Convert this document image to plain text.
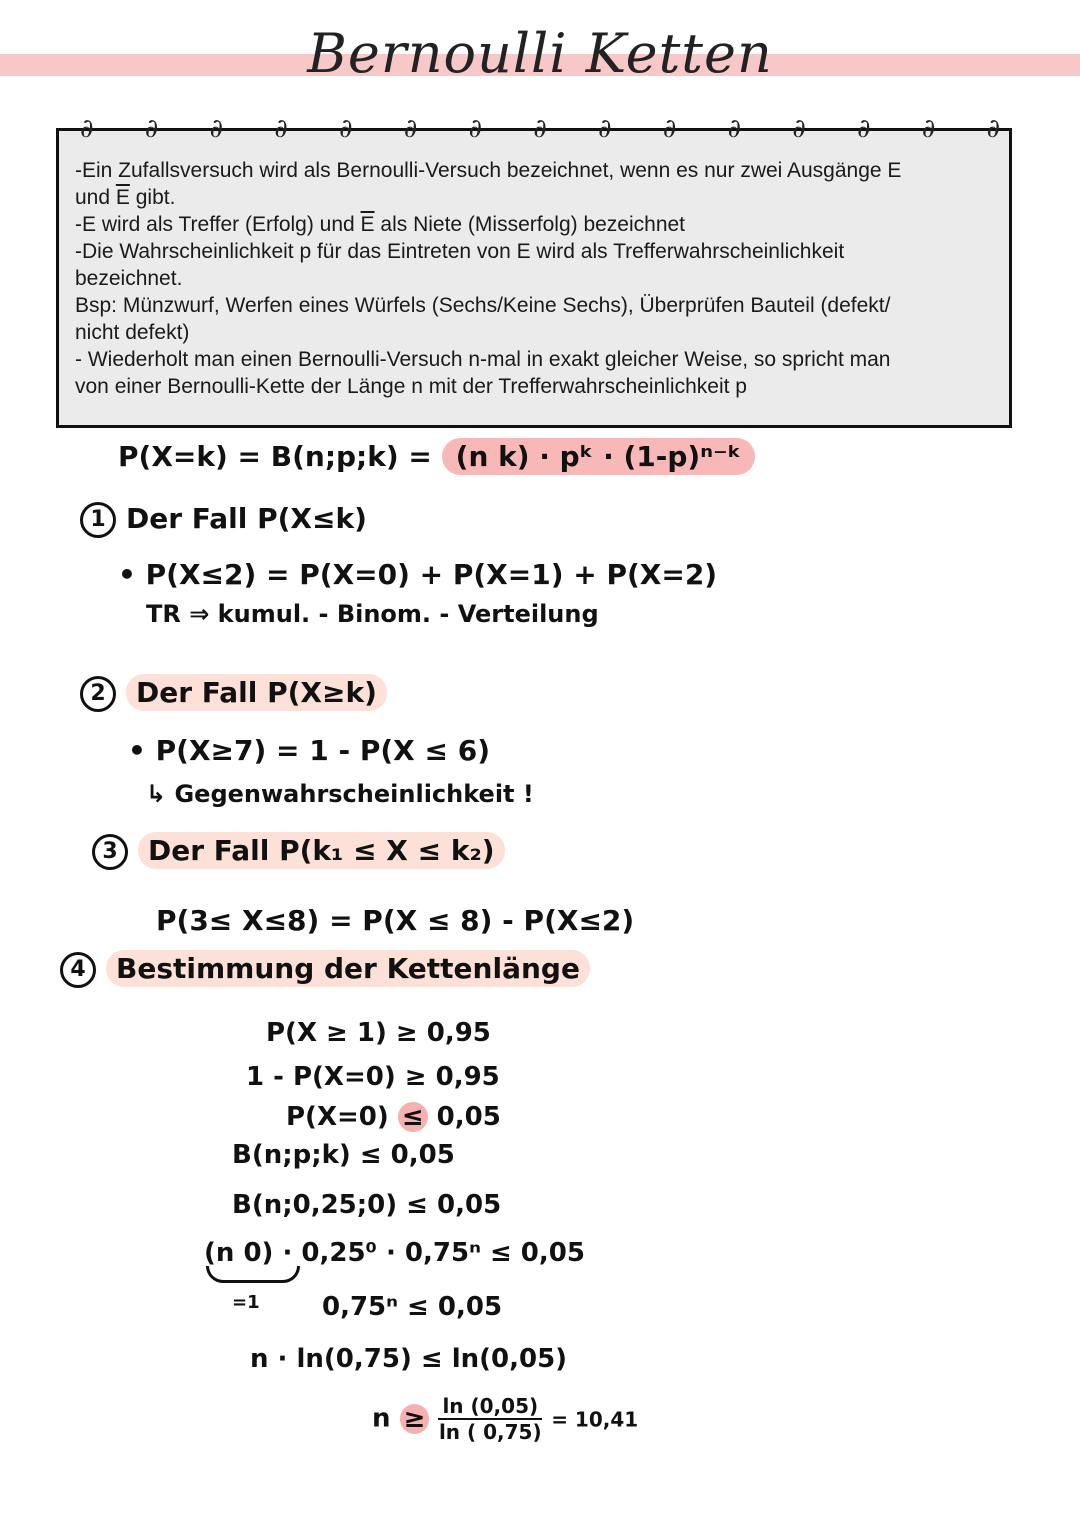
Bernoulli Ketten

-Ein Zufallsversuch wird als Bernoulli-Versuch bezeichnet, wenn es nur zwei Ausgänge E

und $\overline{E}$ gibt.

-E wird als Treffer (Erfolg) und $\overline{E}$ als Niete (Misserfolg) bezeichnet

-Die Wahrscheinlichkeit p für das Eintreten von E wird als Trefferwahrscheinlichkeit

bezeichnet.

Bsp: Münzwurf, Werfen eines Würfels (Sechs/Keine Sechs), Überprüfen Bauteil (defekt/

nicht defekt)

- Wiederholt man einen Bernoulli-Versuch n-mal in exakt gleicher Weise, so spricht man

von einer Bernoulli-Kette der Länge n mit der Trefferwahrscheinlichkeit p

∂ ∂ ∂ ∂ ∂ ∂ ∂ ∂ ∂ ∂ ∂ ∂ ∂ ∂ ∂
P(X=k) = B(n;p;k) = (n k) · pᵏ · (1-p)ⁿ⁻ᵏ
1 Der Fall P(X≤k)
• P(X≤2) = P(X=0) + P(X=1) + P(X=2)
TR ⇒ kumul. - Binom. - Verteilung
2 Der Fall P(X≥k)
• P(X≥7) = 1 - P(X ≤ 6)
↳ Gegenwahrscheinlichkeit !
3 Der Fall P(k₁ ≤ X ≤ k₂)
P(3≤ X≤8) = P(X ≤ 8) - P(X≤2)
4 Bestimmung der Kettenlänge
P(X ≥ 1) ≥ 0,95
1 - P(X=0) ≥ 0,95
P(X=0) ≤ 0,05
B(n;p;k) ≤ 0,05
B(n;0,25;0) ≤ 0,05
(n 0) · 0,25⁰ · 0,75ⁿ ≤ 0,05
=1 0,75ⁿ ≤ 0,05
n · ln(0,75) ≤ ln(0,05)
$n \ge \frac{\ln (0,05)}{\ln ( 0,75)} = 10,41$
